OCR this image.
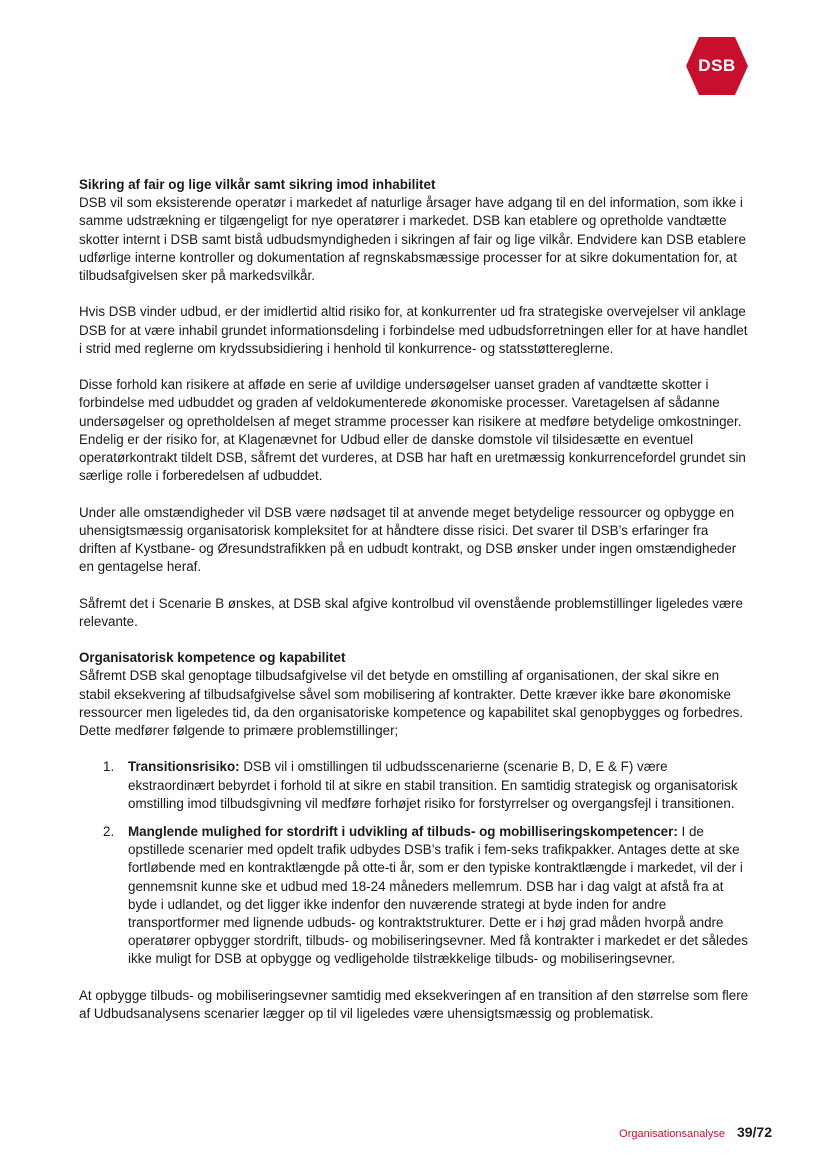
DSB
Sikring af fair og lige vilkår samt sikring imod inhabilitet

DSB vil som eksisterende operatør i markedet af naturlige årsager have adgang til en del information, som ikke i samme udstrækning er tilgængeligt for nye operatører i markedet. DSB kan etablere og opretholde vandtætte skotter internt i DSB samt bistå udbudsmyndigheden i sikringen af fair og lige vilkår. Endvidere kan DSB etablere udførlige interne kontroller og dokumentation af regnskabsmæssige processer for at sikre dokumentation for, at tilbudsafgivelsen sker på markedsvilkår.

Hvis DSB vinder udbud, er der imidlertid altid risiko for, at konkurrenter ud fra strategiske overvejelser vil anklage DSB for at være inhabil grundet informationsdeling i forbindelse med udbudsforretningen eller for at have handlet i strid med reglerne om krydssubsidiering i henhold til konkurrence- og statsstøttereglerne.

Disse forhold kan risikere at afføde en serie af uvildige undersøgelser uanset graden af vandtætte skotter i forbindelse med udbuddet og graden af veldokumenterede økonomiske processer. Varetagelsen af sådanne undersøgelser og opretholdelsen af meget stramme processer kan risikere at medføre betydelige omkostninger. Endelig er der risiko for, at Klagenævnet for Udbud eller de danske domstole vil tilsidesætte en eventuel operatørkontrakt tildelt DSB, såfremt det vurderes, at DSB har haft en uretmæssig konkurrencefordel grundet sin særlige rolle i forberedelsen af udbuddet.

Under alle omstændigheder vil DSB være nødsaget til at anvende meget betydelige ressourcer og opbygge en uhensigtsmæssig organisatorisk kompleksitet for at håndtere disse risici. Det svarer til DSB’s erfaringer fra driften af Kystbane- og Øresundstrafikken på en udbudt kontrakt, og DSB ønsker under ingen omstændigheder en gentagelse heraf.

Såfremt det i Scenarie B ønskes, at DSB skal afgive kontrolbud vil ovenstående problemstillinger ligeledes være relevante.

Organisatorisk kompetence og kapabilitet

Såfremt DSB skal genoptage tilbudsafgivelse vil det betyde en omstilling af organisationen, der skal sikre en stabil eksekvering af tilbudsafgivelse såvel som mobilisering af kontrakter. Dette kræver ikke bare økonomiske ressourcer men ligeledes tid, da den organisatoriske kompetence og kapabilitet skal genopbygges og forbedres. Dette medfører følgende to primære problemstillinger;

1. Transitionsrisiko: DSB vil i omstillingen til udbudsscenarierne (scenarie B, D, E & F) være ekstraordinært bebyrdet i forhold til at sikre en stabil transition. En samtidig strategisk og organisatorisk omstilling imod tilbudsgivning vil medføre forhøjet risiko for forstyrrelser og overgangsfejl i transitionen.
2. Manglende mulighed for stordrift i udvikling af tilbuds- og mobilliseringskompetencer: I de opstillede scenarier med opdelt trafik udbydes DSB’s trafik i fem-seks trafikpakker. Antages dette at ske fortløbende med en kontraktlængde på otte-ti år, som er den typiske kontraktlængde i markedet, vil der i gennemsnit kunne ske et udbud med 18-24 måneders mellemrum. DSB har i dag valgt at afstå fra at byde i udlandet, og det ligger ikke indenfor den nuværende strategi at byde inden for andre transportformer med lignende udbuds- og kontraktstrukturer. Dette er i høj grad måden hvorpå andre operatører opbygger stordrift, tilbuds- og mobiliseringsevner. Med få kontrakter i markedet er det således ikke muligt for DSB at opbygge og vedligeholde tilstrækkelige tilbuds- og mobiliseringsevner.

At opbygge tilbuds- og mobiliseringsevner samtidig med eksekveringen af en transition af den størrelse som flere af Udbudsanalysens scenarier lægger op til vil ligeledes være uhensigtsmæssig og problematisk.

Organisationsanalyse 39/72
